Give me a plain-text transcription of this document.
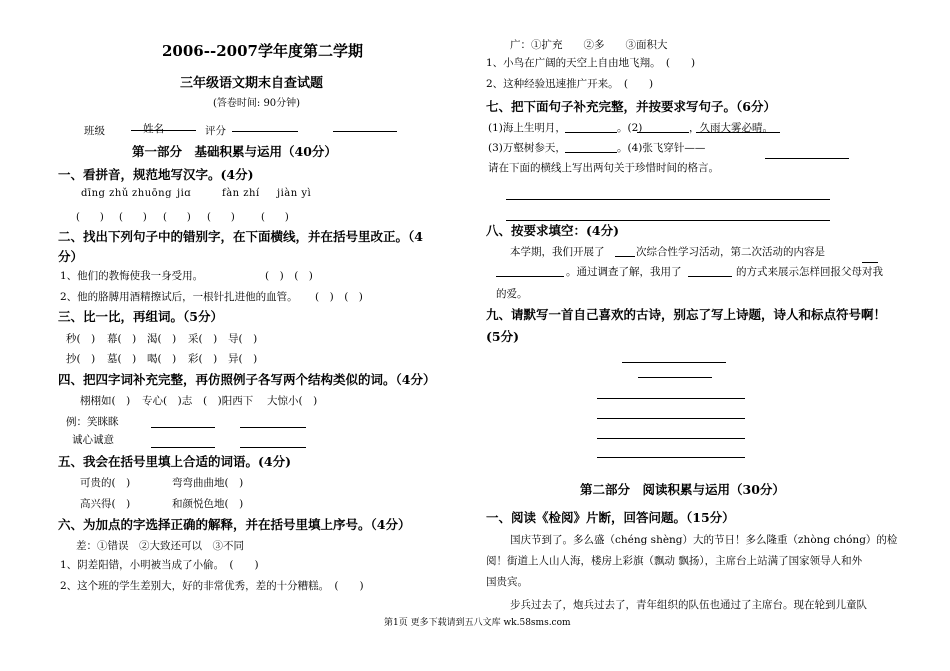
2006--2007学年度第二学期
三年级语文期末自查试题
(答卷时间: 90分钟)
班级	姓名	评分
第一部分　基础积累与运用（40分）
一、看拼音，规范地写汉字。(4分)
dīng zhǔ zhuōng jiɑ	fàn zhí jiàn yì
(　　) (　　) (　　) (　　)	(　　)
二、找出下列句子中的错别字，在下面横线，并在括号里改正。（4
分）
1、他们的教悔使我一身受用。	(　)　(　)
2、他的胳膊用酒精擦试后，一根针扎进他的血管。 (　)　(　)
三、比一比，再组词。（5分）
秒(　) 幕(　) 渴(　) 采(　) 导(　)
抄(　) 墓(　) 喝(　) 彩(　) 异(　)
四、把四字词补充完整，再仿照例子各写两个结构类似的词。（4分）
栩栩如(　) 专心(　)志 (　)阳西下 大惊小(　)
例：笑眯眯
诚心诚意
五、我会在括号里填上合适的词语。(4分)
可贵的(　)	弯弯曲曲地(　)
高兴得(　)	和颜悦色地(　)
六、为加点的字选择正确的解释，并在括号里填上序号。（4分）
差：①错误　②大致还可以　③不同
1、阴差阳错，小明被当成了小偷。　(　　)
2、这个班的学生差别大，好的非常优秀，差的十分糟糕。　(　　)
广：①扩充　　②多　　③面积大
1、小鸟在广阔的天空上自由地飞翔。　(　　)
2、这种经验迅速推广开来。　(　　)
七、把下面句子补充完整，并按要求写句子。（6分）
(1)海上生明月，	。(2)	，久雨大雾必晴。
(3)万壑树参天，	。(4)张飞穿针——
请在下面的横线上写出两句关于珍惜时间的格言。
八、按要求填空：(4分)
本学期，我们开展了	次综合性学习活动，第二次活动的内容是
。通过调查了解，我用了	的方式来展示怎样回报父母对我
的爱。
九、请默写一首自己喜欢的古诗，别忘了写上诗题，诗人和标点符号啊！
(5分)
第二部分　阅读积累与运用（30分）
一、阅读《检阅》片断，回答问题。（15分）
国庆节到了。多么盛（chéng shèng）大的节日！多么隆重（zhòng chóng）的检
阅！街道上人山人海，楼房上彩旗（飘动 飘扬），主席台上站满了国家领导人和外
国贵宾。
步兵过去了，炮兵过去了，青年组织的队伍也通过了主席台。现在轮到儿童队
第1页 更多下载请到五八文库 wk.58sms.com
